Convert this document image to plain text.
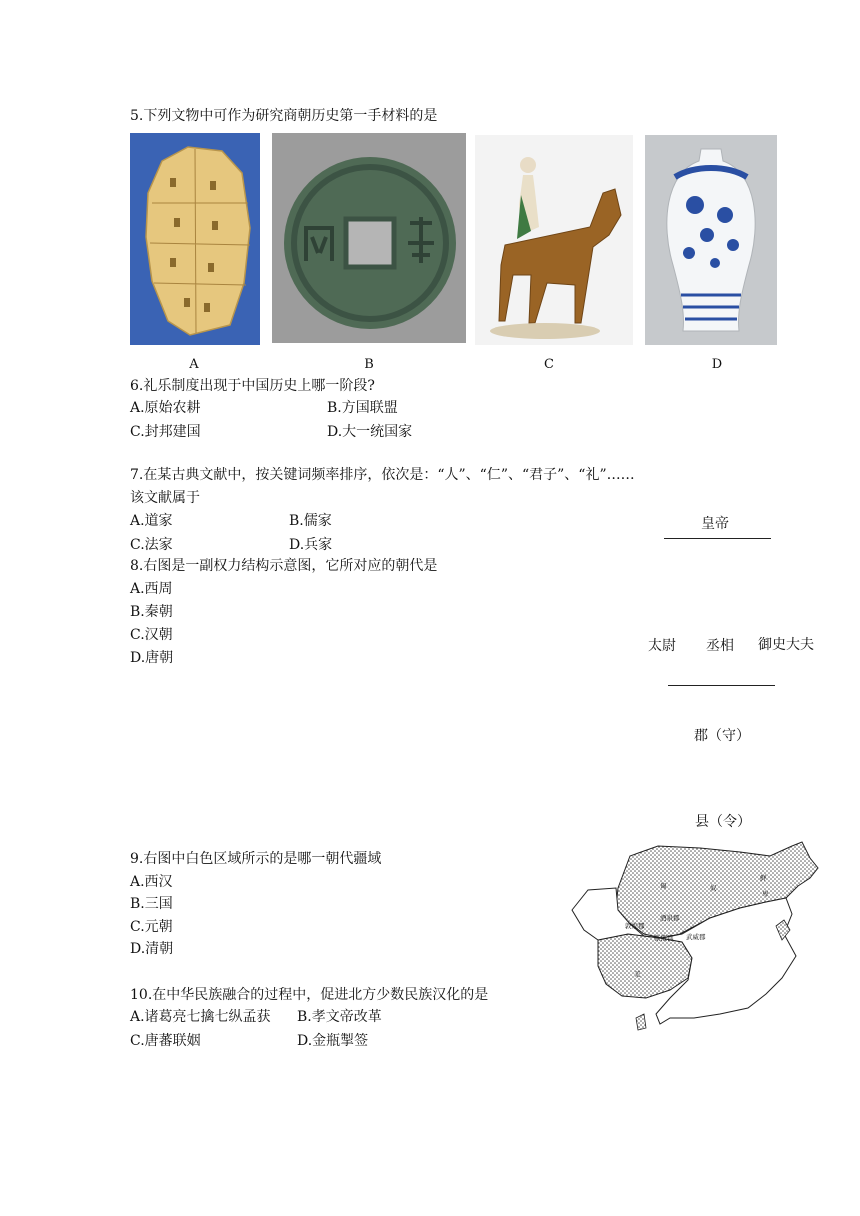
5.下列文物中可作为研究商朝历史第一手材料的是
A	B	C	D
6.礼乐制度出现于中国历史上哪一阶段?
A.原始农耕	B.方国联盟
C.封邦建国	D.大一统国家
7.在某古典文献中，按关键词频率排序，依次是：“人”、“仁”、“君子”、“礼”……
该文献属于
A.道家	B.儒家
C.法家	D.兵家
8.右图是一副权力结构示意图，它所对应的朝代是
A.西周
B.秦朝
C.汉朝
D.唐朝
皇帝
太尉 丞相 御史大夫
郡（守）
县（令）
9.右图中白色区域所示的是哪一朝代疆域
A.西汉
B.三国
C.元朝
D.清朝
匈	奴
鲜
卑
敦煌郡
酒泉郡
张掖郡 武威郡
羌
10.在中华民族融合的过程中，促进北方少数民族汉化的是
A.诸葛亮七擒七纵孟获 B.孝文帝改革
C.唐蕃联姻	D.金瓶掣签
